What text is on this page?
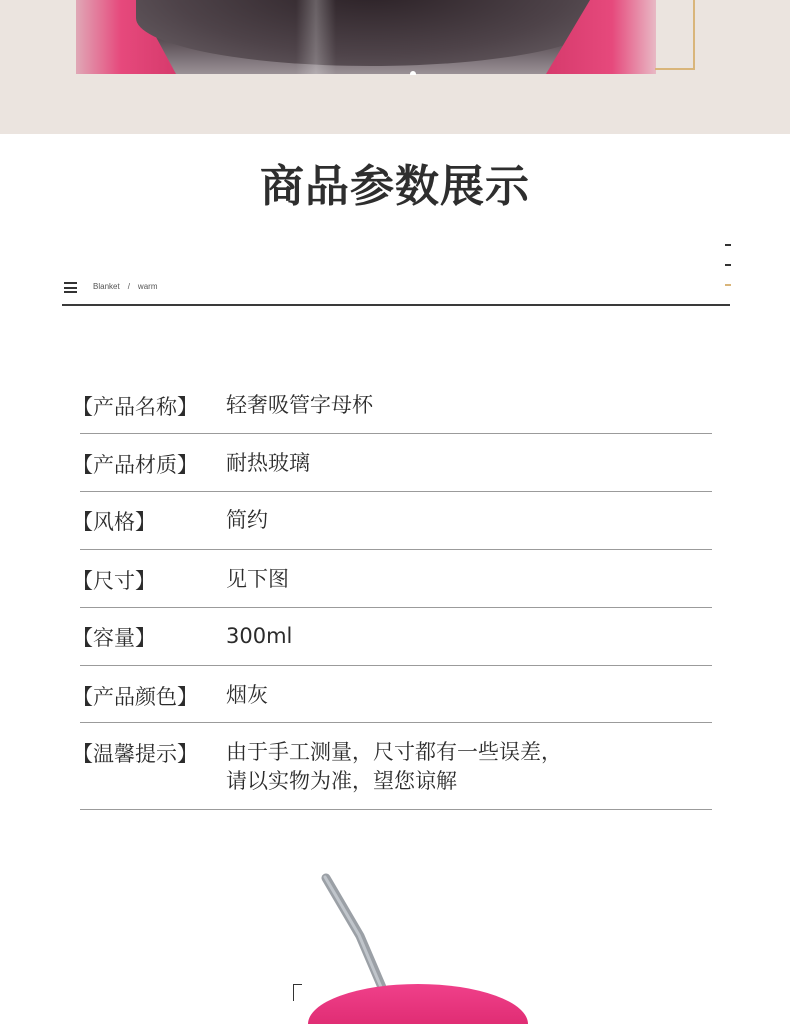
商品参数展示
Blanket / warm
【产品名称】 轻奢吸管字母杯
【产品材质】 耐热玻璃
【风格】	简约
【尺寸】	见下图
【容量】	300ml
【产品颜色】 烟灰
【温馨提示】 由于手工测量，尺寸都有一些误差，
请以实物为准，望您谅解
